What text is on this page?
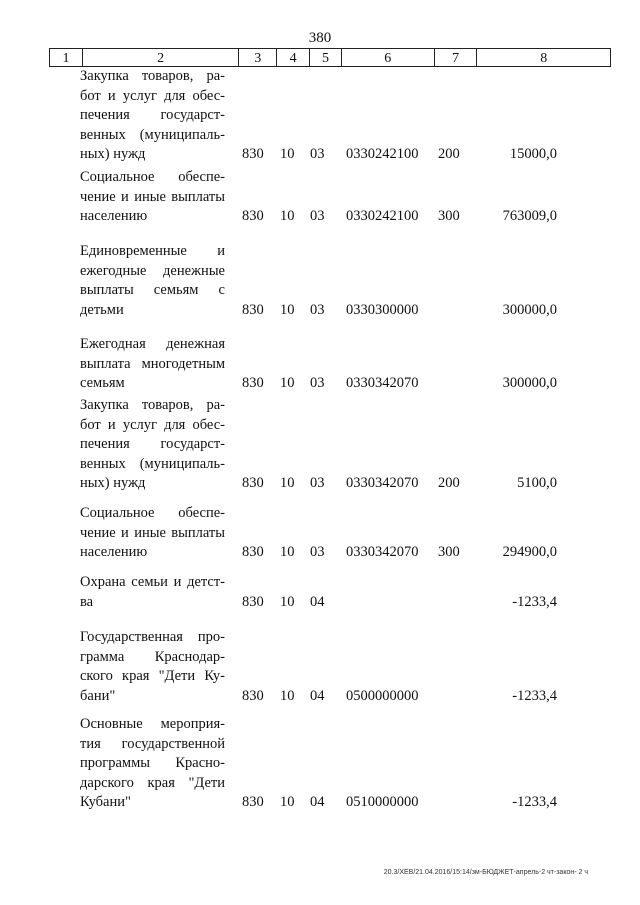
380
1	2	3	4	5	6	7	8
Закупка товаров, ра-
бот и услуг для обес-
печения государст-
венных (муниципаль-
ных) нужд	830 10 03 0330242100 200	15000,0
Социальное обеспе-
чение и иные выплаты
населению	830 10 03 0330242100 300	763009,0
Единовременные и
ежегодные денежные
выплаты семьям с
детьми	830 10 03 0330300000	300000,0
Ежегодная денежная
выплата многодетным
семьям	830 10 03 0330342070	300000,0
Закупка товаров, ра-
бот и услуг для обес-
печения государст-
венных (муниципаль-
ных) нужд	830 10 03 0330342070 200	5100,0
Социальное обеспе-
чение и иные выплаты
населению	830 10 03 0330342070 300	294900,0
Охрана семьи и детст-
ва	830 10 04	-1233,4
Государственная про-
грамма Краснодар-
ского края "Дети Ку-
бани"	830 10 04 0500000000	-1233,4
Основные мероприя-
тия государственной
программы Красно-
дарского края "Дети
Кубани"	830 10 04 0510000000	-1233,4
20.3/XEB/21.04.2016/15:14/зм-БЮДЖЕТ-апрель-2 чт-закон- 2 ч
